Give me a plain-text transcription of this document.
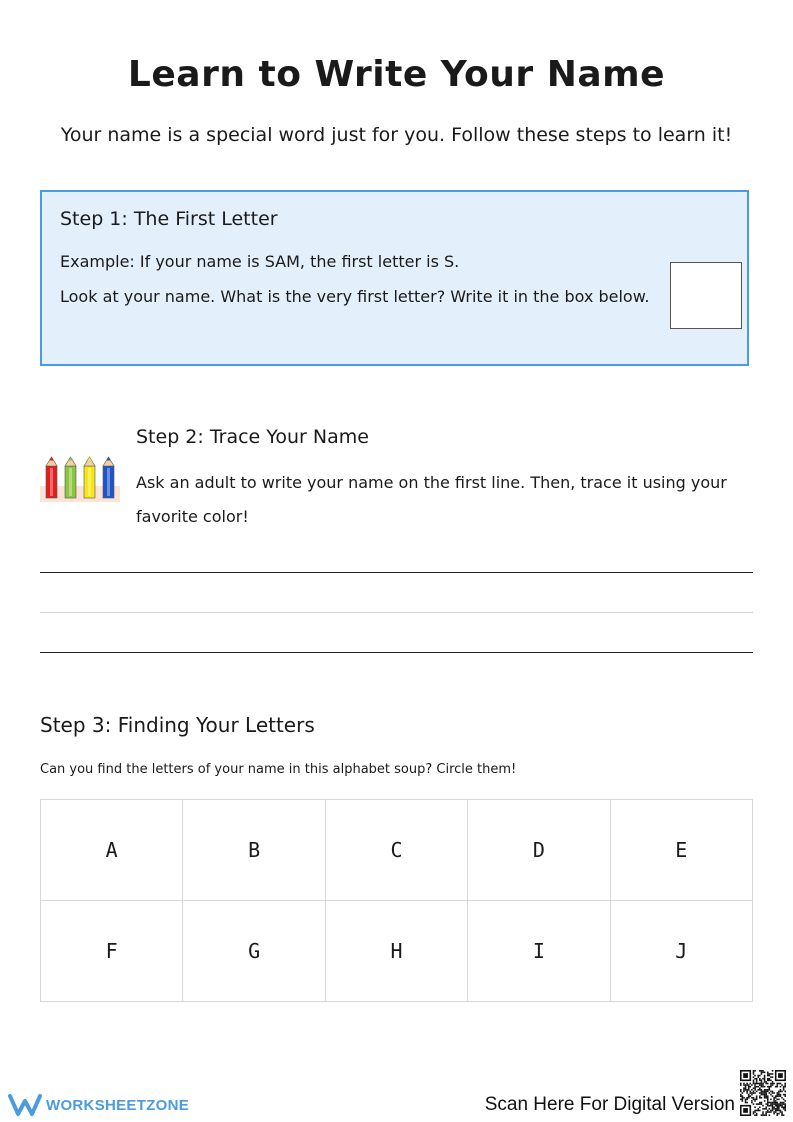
Learn to Write Your Name
Your name is a special word just for you. Follow these steps to learn it!
Step 1: The First Letter
Example: If your name is SAM, the first letter is S.
Look at your name. What is the very first letter? Write it in the box below.
Step 2: Trace Your Name
Ask an adult to write your name on the first line. Then, trace it using your favorite color!
Step 3: Finding Your Letters
Can you find the letters of your name in this alphabet soup? Circle them!
A	B	C	D	E
F	G	H	I	J
WORKSHEETZONE	Scan Here For Digital Version
